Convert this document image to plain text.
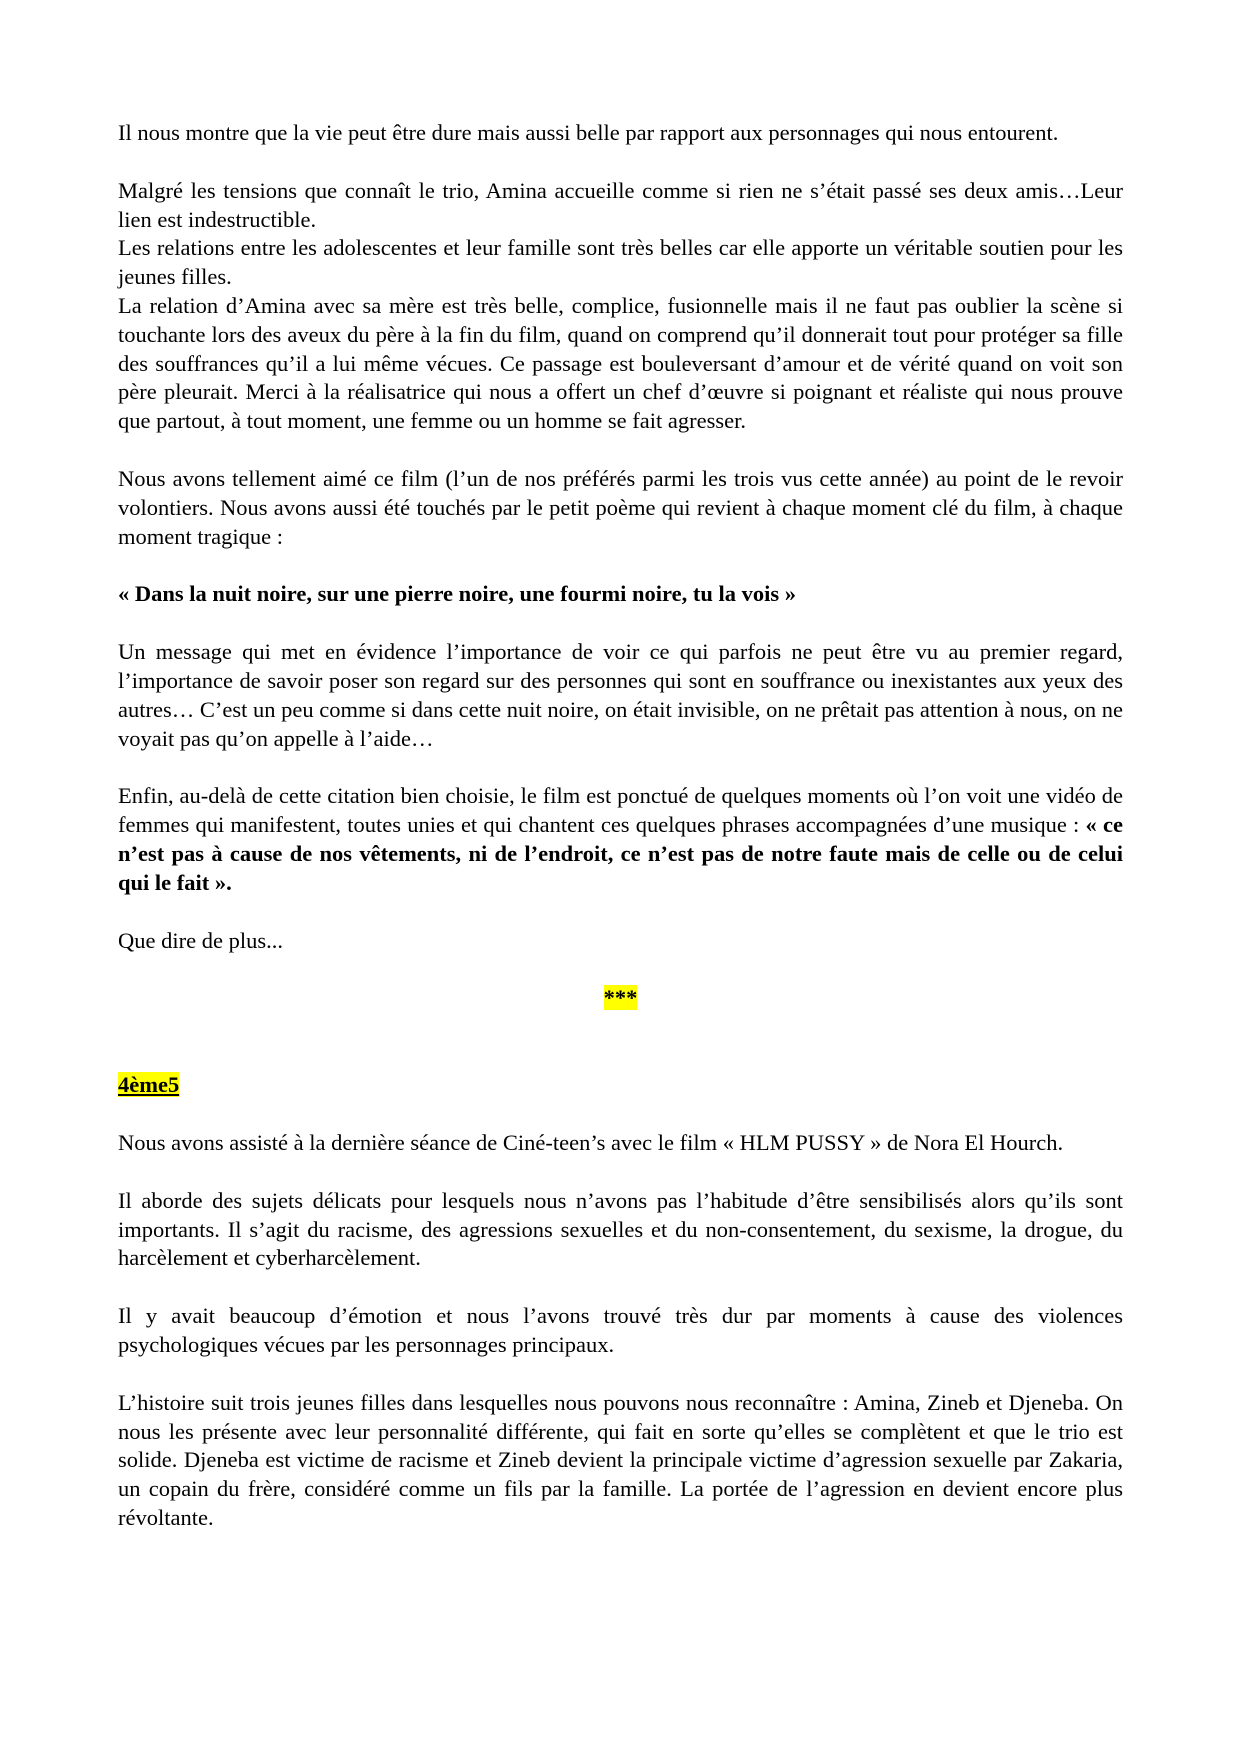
Il nous montre que la vie peut être dure mais aussi belle par rapport aux personnages qui nous entourent.

Malgré les tensions que connaît le trio, Amina accueille comme si rien ne s’était passé ses deux amis…Leur lien est indestructible.

Les relations entre les adolescentes et leur famille sont très belles car elle apporte un véritable soutien pour les jeunes filles.

La relation d’Amina avec sa mère est très belle, complice, fusionnelle mais il ne faut pas oublier la scène si touchante lors des aveux du père à la fin du film, quand on comprend qu’il donnerait tout pour protéger sa fille des souffrances qu’il a lui même vécues. Ce passage est bouleversant d’amour et de vérité quand on voit son père pleurait. Merci à la réalisatrice qui nous a offert un chef d’œuvre si poignant et réaliste qui nous prouve que partout, à tout moment, une femme ou un homme se fait agresser.

Nous avons tellement aimé ce film (l’un de nos préférés parmi les trois vus cette année) au point de le revoir volontiers. Nous avons aussi été touchés par le petit poème qui revient à chaque moment clé du film, à chaque moment tragique :

« Dans la nuit noire, sur une pierre noire, une fourmi noire, tu la vois »

Un message qui met en évidence l’importance de voir ce qui parfois ne peut être vu au premier regard, l’importance de savoir poser son regard sur des personnes qui sont en souffrance ou inexistantes aux yeux des autres… C’est un peu comme si dans cette nuit noire, on était invisible, on ne prêtait pas attention à nous, on ne voyait pas qu’on appelle à l’aide…

Enfin, au-delà de cette citation bien choisie, le film est ponctué de quelques moments où l’on voit une vidéo de femmes qui manifestent, toutes unies et qui chantent ces quelques phrases accompagnées d’une musique : « ce n’est pas à cause de nos vêtements, ni de l’endroit, ce n’est pas de notre faute mais de celle ou de celui qui le fait ».

Que dire de plus...

***

4ème5

Nous avons assisté à la dernière séance de Ciné-teen’s avec le film « HLM PUSSY » de Nora El Hourch.

Il aborde des sujets délicats pour lesquels nous n’avons pas l’habitude d’être sensibilisés alors qu’ils sont importants. Il s’agit du racisme, des agressions sexuelles et du non-consentement, du sexisme, la drogue, du harcèlement et cyberharcèlement.

Il y avait beaucoup d’émotion et nous l’avons trouvé très dur par moments à cause des violences psychologiques vécues par les personnages principaux.

L’histoire suit trois jeunes filles dans lesquelles nous pouvons nous reconnaître : Amina, Zineb et Djeneba. On nous les présente avec leur personnalité différente, qui fait en sorte qu’elles se complètent et que le trio est solide. Djeneba est victime de racisme et Zineb devient la principale victime d’agression sexuelle par Zakaria, un copain du frère, considéré comme un fils par la famille. La portée de l’agression en devient encore plus révoltante.
